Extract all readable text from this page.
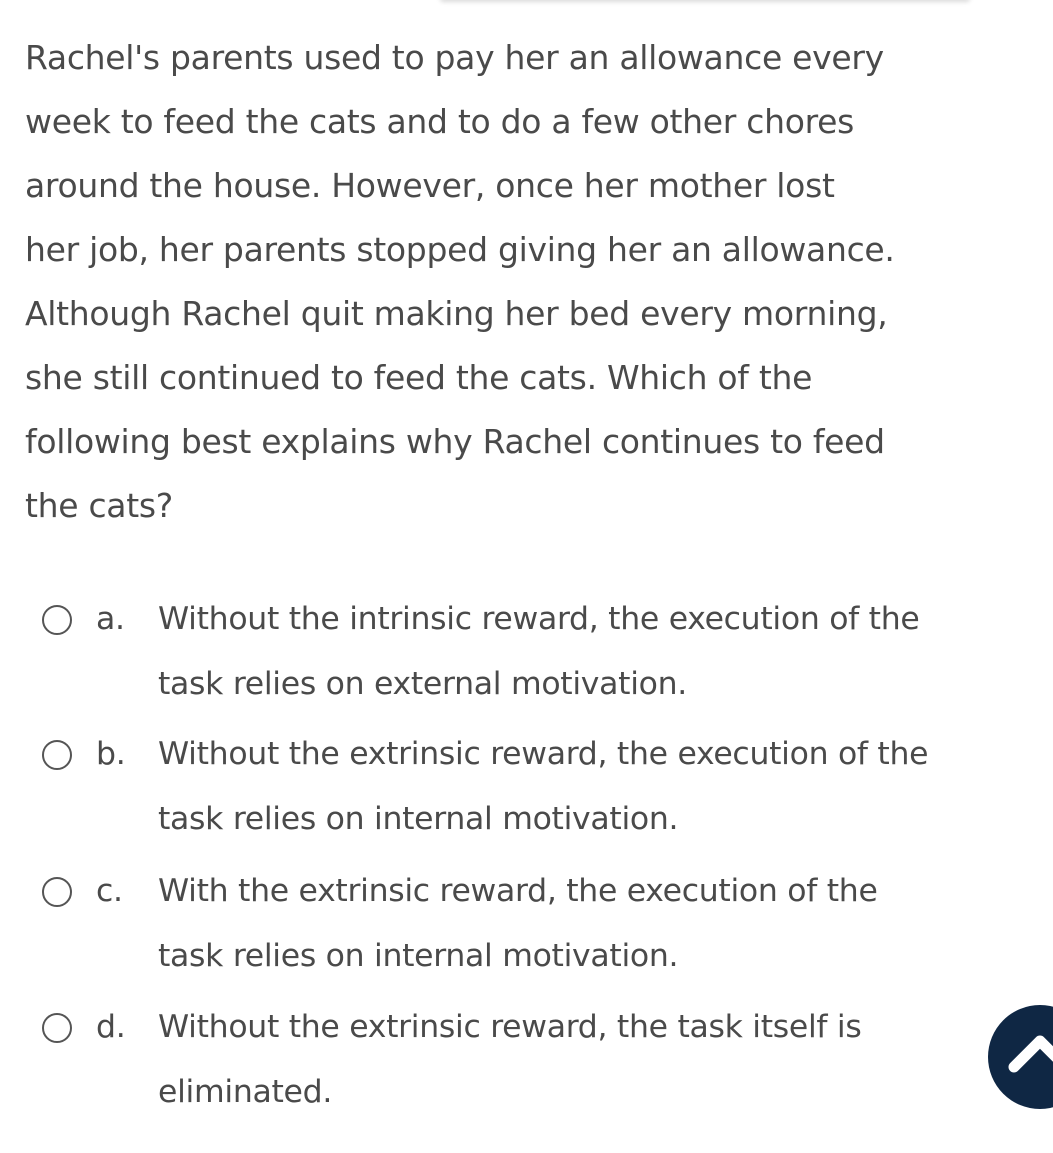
Rachel's parents used to pay her an allowance every
week to feed the cats and to do a few other chores
around the house. However, once her mother lost
her job, her parents stopped giving her an allowance.
Although Rachel quit making her bed every morning,
she still continued to feed the cats. Which of the
following best explains why Rachel continues to feed
the cats?
a. Without the intrinsic reward, the execution of the
task relies on external motivation.
b. Without the extrinsic reward, the execution of the
task relies on internal motivation.
c. With the extrinsic reward, the execution of the
task relies on internal motivation.
d. Without the extrinsic reward, the task itself is
eliminated.
